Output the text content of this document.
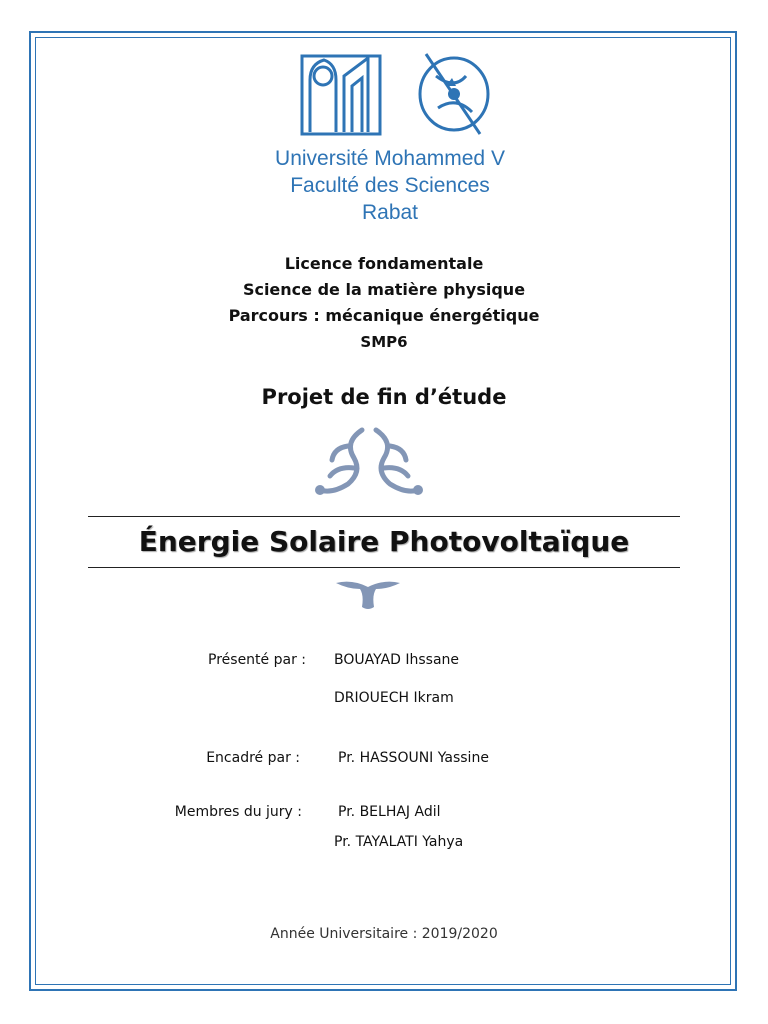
Université Mohammed V
Faculté des Sciences
Rabat
Licence fondamentale
Science de la matière physique
Parcours : mécanique énergétique
SMP6
Projet de fin d’étude
Énergie Solaire Photovoltaïque
Présenté par : BOUAYAD Ihssane
DRIOUECH Ikram
Encadré par :	Pr. HASSOUNI Yassine
Membres du jury :	Pr. BELHAJ Adil
Pr. TAYALATI Yahya
Année Universitaire : 2019/2020
